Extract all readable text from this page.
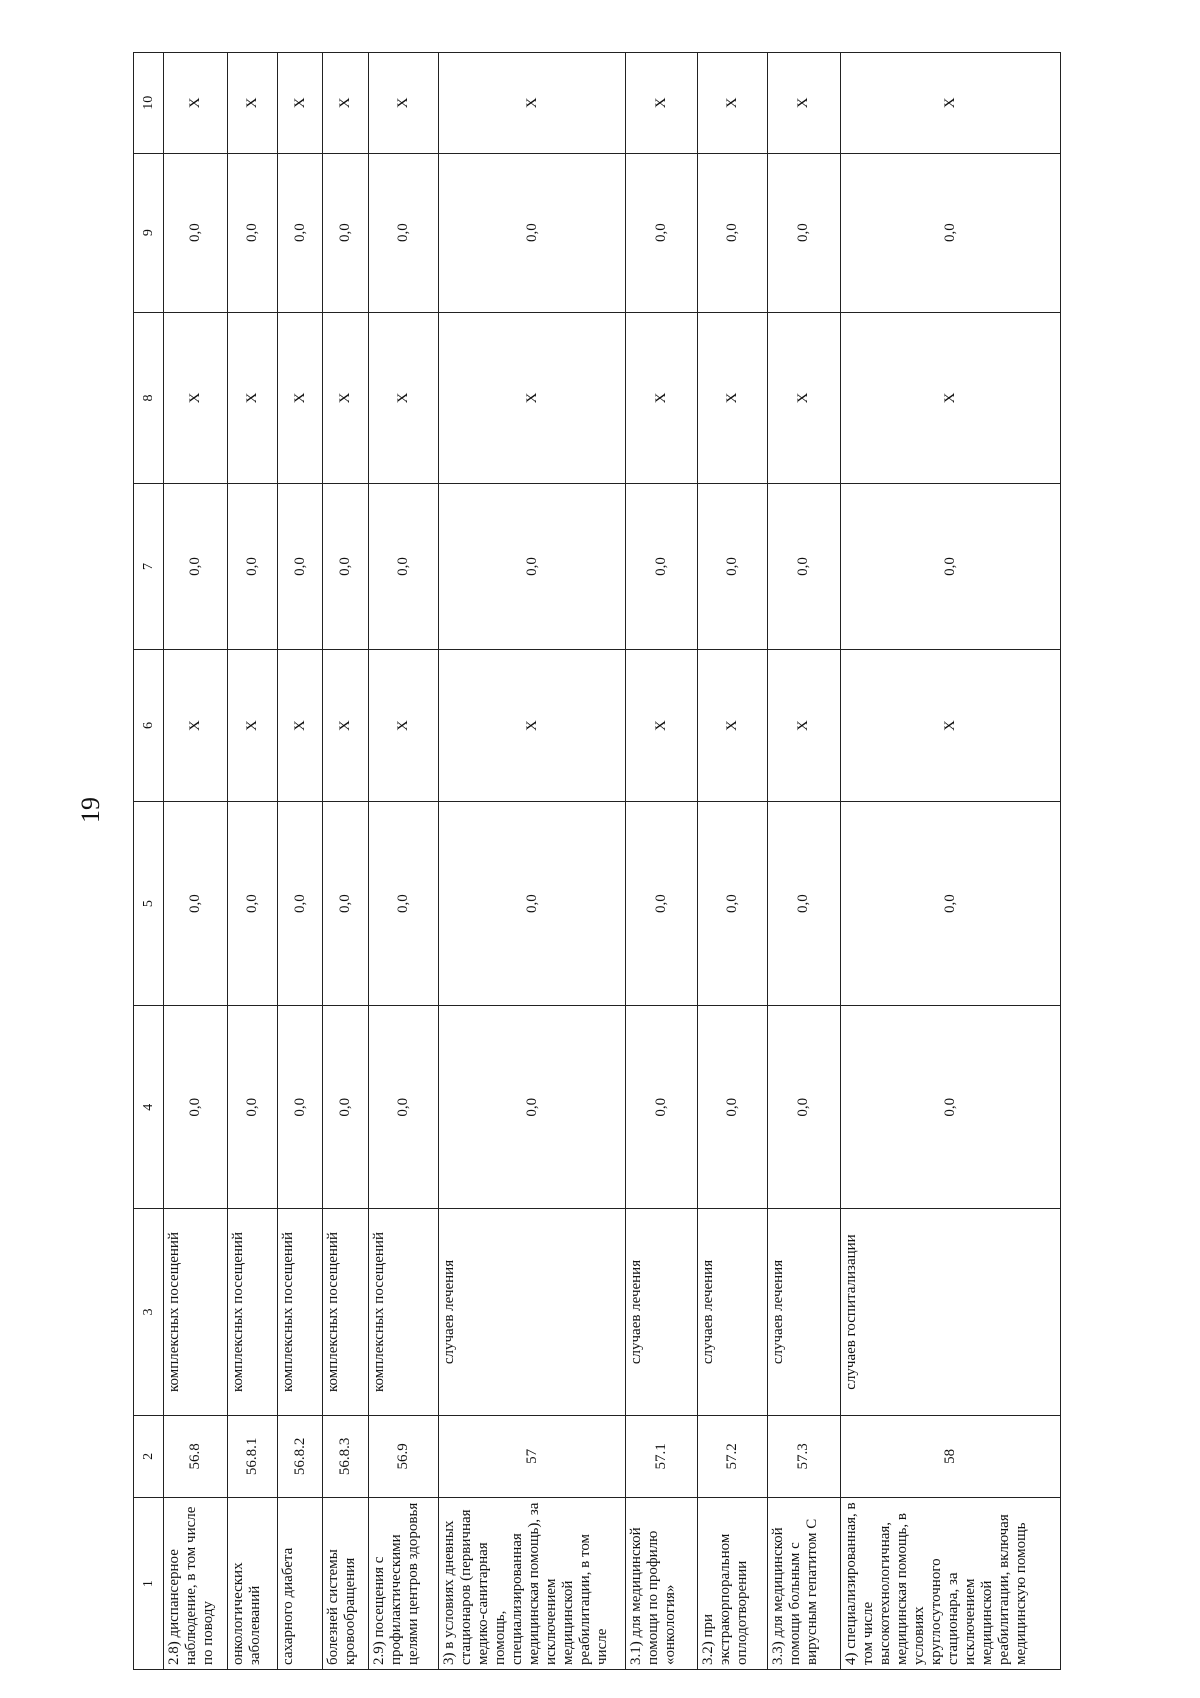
19
1	2	3	4	5	6	7	8	9	10
2.8) диспансерное наблюдение, в том числе по поводу	56.8	комплексных посещений	0,0	0,0	Х	0,0	Х	0,0	Х
онкологических заболеваний	56.8.1	комплексных посещений	0,0	0,0	Х	0,0	Х	0,0	Х
сахарного диабета	56.8.2	комплексных посещений	0,0	0,0	Х	0,0	Х	0,0	Х
болезней системы кровообращения	56.8.3	комплексных посещений	0,0	0,0	Х	0,0	Х	0,0	Х
2.9) посещения с профилактическими целями центров здоровья	56.9	комплексных посещений	0,0	0,0	Х	0,0	Х	0,0	Х
3) в условиях дневных стационаров (первичная медико-санитарная помощь, специализированная медицинская помощь), за исключением медицинской реабилитации, в том числе	57	случаев лечения	0,0	0,0	Х	0,0	Х	0,0	Х
3.1) для медицинской помощи по профилю «онкология»	57.1	случаев лечения	0,0	0,0	Х	0,0	Х	0,0	Х
3.2) при экстракорпоральном оплодотворении	57.2	случаев лечения	0,0	0,0	Х	0,0	Х	0,0	Х
3.3) для медицинской помощи больным с вирусным гепатитом С	57.3	случаев лечения	0,0	0,0	Х	0,0	Х	0,0	Х
4) специализированная, в том числе высокотехнологичная, медицинская помощь, в условиях круглосуточного стационара, за исключением медицинской реабилитации, включая медицинскую помощь	58	случаев госпитализации	0,0	0,0	Х	0,0	Х	0,0	Х
